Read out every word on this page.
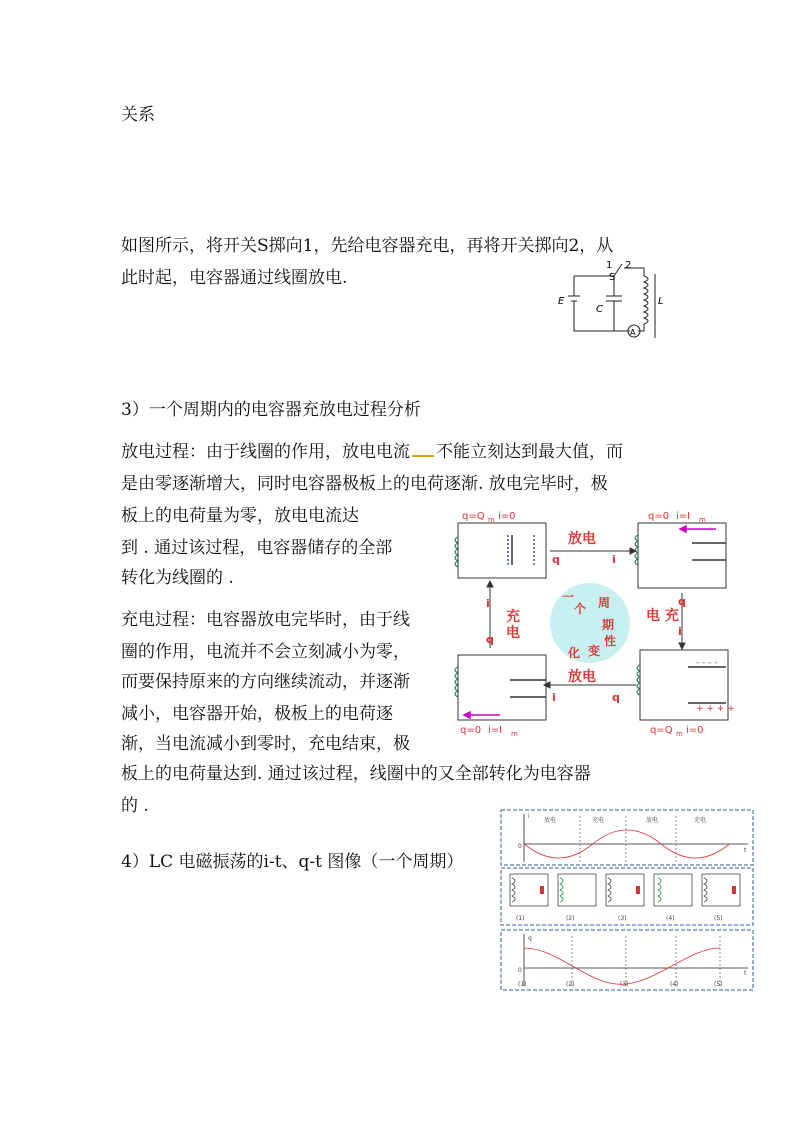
关系
如图所示，将开关S掷向1，先给电容器充电，再将开关掷向2，从
此时起，电容器通过线圈放电.
1 2
S
E
C
L
A
3）一个周期内的电容器充放电过程分析
放电过程：由于线圈的作用，放电电流 不能立刻达到最大值，而
是由零逐渐增大，同时电容器极板上的电荷逐渐. 放电完毕时，极
板上的电荷量为零，放电电流达
到 . 通过该过程，电容器储存的全部
转化为线圈的 .
充电过程：电容器放电完毕时，由于线
圈的作用，电流并不会立刻减小为零，
而要保持原来的方向继续流动，并逐渐
减小，电容器开始，极板上的电荷逐
渐，当电流减小到零时，充电结束，极
板上的电荷量达到. 通过该过程，线圈中的又全部转化为电容器
的 .
- - - -
+ + + +
q=Q m i=0	q=0 i=I m
q=0 i=I m	q=Q m i=0
放电
放电
充
电
电 充
一
个 周
期
性
变
化
q	i
i
q
q
i
i	q
4）LC 电磁振荡的i-t、q-t 图像（一个周期）
i
t
0
放电	充电	放电	充电
(1)	(2)	(3)	(4)	(5)
q
t
0
(1)	(2)	(3)	(4)	(5)
